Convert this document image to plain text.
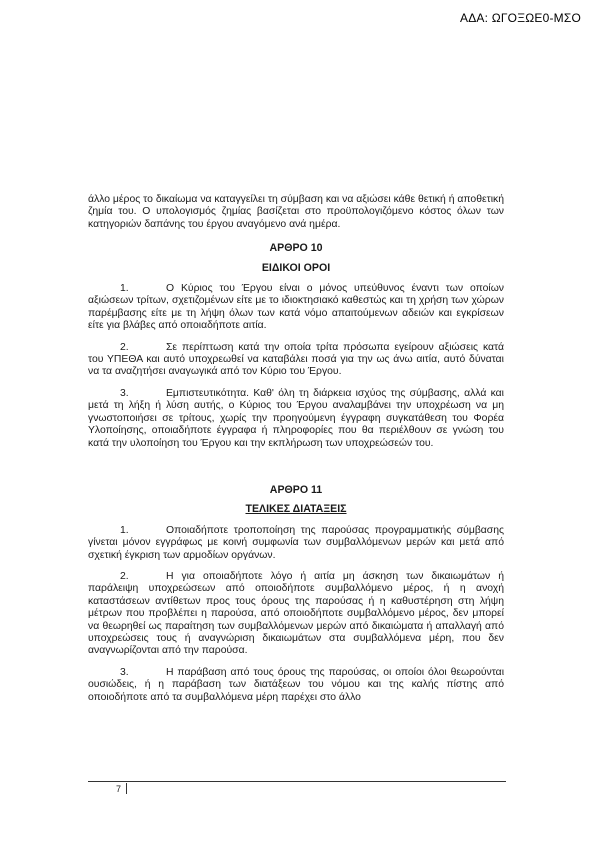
ΑΔΑ: ΩΓΟΞΩΕ0-ΜΣΟ

άλλο μέρος το δικαίωμα να καταγγείλει τη σύμβαση και να αξιώσει κάθε θετική ή αποθετική ζημία του. Ο υπολογισμός ζημίας βασίζεται στο προϋπολογιζόμενο κόστος όλων των κατηγοριών δαπάνης του έργου αναγόμενο ανά ημέρα.

ΑΡΘΡΟ 10

ΕΙΔΙΚΟΙ ΟΡΟΙ

1.	Ο Κύριος του Έργου είναι ο μόνος υπεύθυνος έναντι των οποίων αξιώσεων τρίτων, σχετιζομένων είτε με το ιδιοκτησιακό καθεστώς και τη χρήση των χώρων παρέμβασης είτε με τη λήψη όλων των κατά νόμο απαιτούμενων αδειών και εγκρίσεων είτε για βλάβες από οποιαδήποτε αιτία.

2.	Σε περίπτωση κατά την οποία τρίτα πρόσωπα εγείρουν αξιώσεις κατά του ΥΠΕΘΑ και αυτό υποχρεωθεί να καταβάλει ποσά για την ως άνω αιτία, αυτό δύναται να τα αναζητήσει αναγωγικά από τον Κύριο του Έργου.

3.	Εμπιστευτικότητα. Καθ' όλη τη διάρκεια ισχύος της σύμβασης, αλλά και μετά τη λήξη ή λύση αυτής, ο Κύριος του Έργου αναλαμβάνει την υποχρέωση να μη γνωστοποιήσει σε τρίτους, χωρίς την προηγούμενη έγγραφη συγκατάθεση του Φορέα Υλοποίησης, οποιαδήποτε έγγραφα ή πληροφορίες που θα περιέλθουν σε γνώση του κατά την υλοποίηση του Έργου και την εκπλήρωση των υποχρεώσεών του.

ΑΡΘΡΟ 11

ΤΕΛΙΚΕΣ ΔΙΑΤΑΞΕΙΣ

1.	Οποιαδήποτε τροποποίηση της παρούσας προγραμματικής σύμβασης γίνεται μόνον εγγράφως με κοινή συμφωνία των συμβαλλόμενων μερών και μετά από σχετική έγκριση των αρμοδίων οργάνων.

2.	Η για οποιαδήποτε λόγο ή αιτία μη άσκηση των δικαιωμάτων ή παράλειψη υποχρεώσεων από οποιοδήποτε συμβαλλόμενο μέρος, ή η ανοχή καταστάσεων αντίθετων προς τους όρους της παρούσας ή η καθυστέρηση στη λήψη μέτρων που προβλέπει η παρούσα, από οποιοδήποτε συμβαλλόμενο μέρος, δεν μπορεί να θεωρηθεί ως παραίτηση των συμβαλλόμενων μερών από δικαιώματα ή απαλλαγή από υποχρεώσεις τους ή αναγνώριση δικαιωμάτων στα συμβαλλόμενα μέρη, που δεν αναγνωρίζονται από την παρούσα.

3.	Η παράβαση από τους όρους της παρούσας, οι οποίοι όλοι θεωρούνται ουσιώδεις, ή η παράβαση των διατάξεων του νόμου και της καλής πίστης από οποιοδήποτε από τα συμβαλλόμενα μέρη παρέχει στο άλλο

7
